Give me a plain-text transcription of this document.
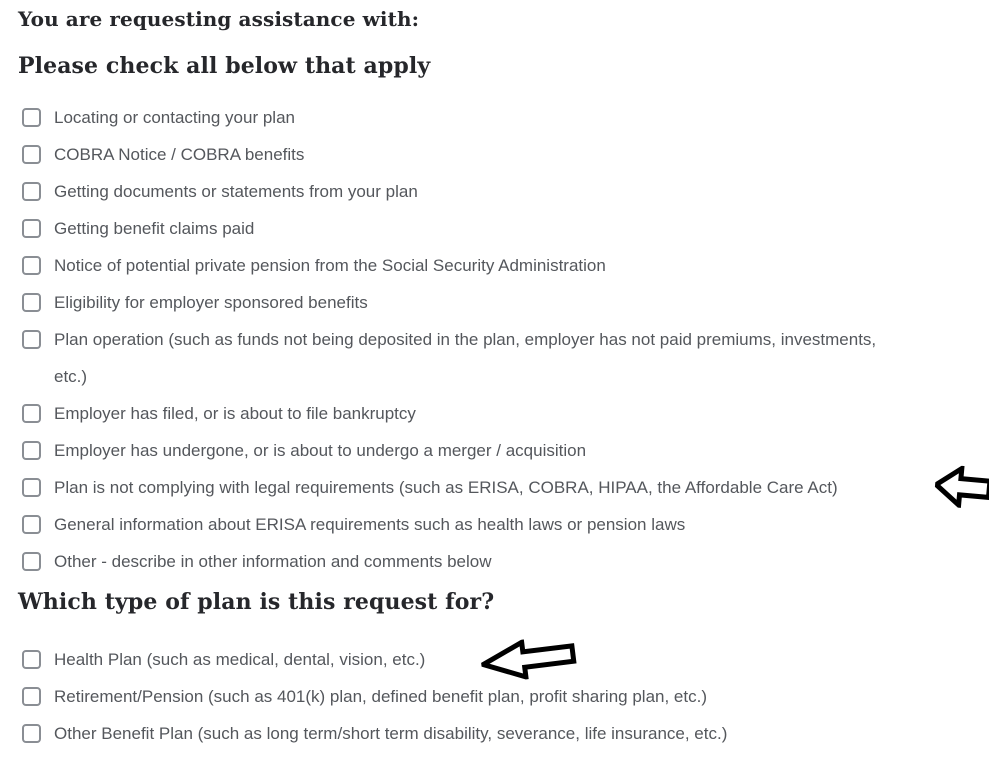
You are requesting assistance with:
Please check all below that apply
Locating or contacting your plan
COBRA Notice / COBRA benefits
Getting documents or statements from your plan
Getting benefit claims paid
Notice of potential private pension from the Social Security Administration
Eligibility for employer sponsored benefits
Plan operation (such as funds not being deposited in the plan, employer has not paid premiums, investments,
etc.)
Employer has filed, or is about to file bankruptcy
Employer has undergone, or is about to undergo a merger / acquisition
Plan is not complying with legal requirements (such as ERISA, COBRA, HIPAA, the Affordable Care Act)
General information about ERISA requirements such as health laws or pension laws
Other - describe in other information and comments below
Which type of plan is this request for?
Health Plan (such as medical, dental, vision, etc.)
Retirement/Pension (such as 401(k) plan, defined benefit plan, profit sharing plan, etc.)
Other Benefit Plan (such as long term/short term disability, severance, life insurance, etc.)
